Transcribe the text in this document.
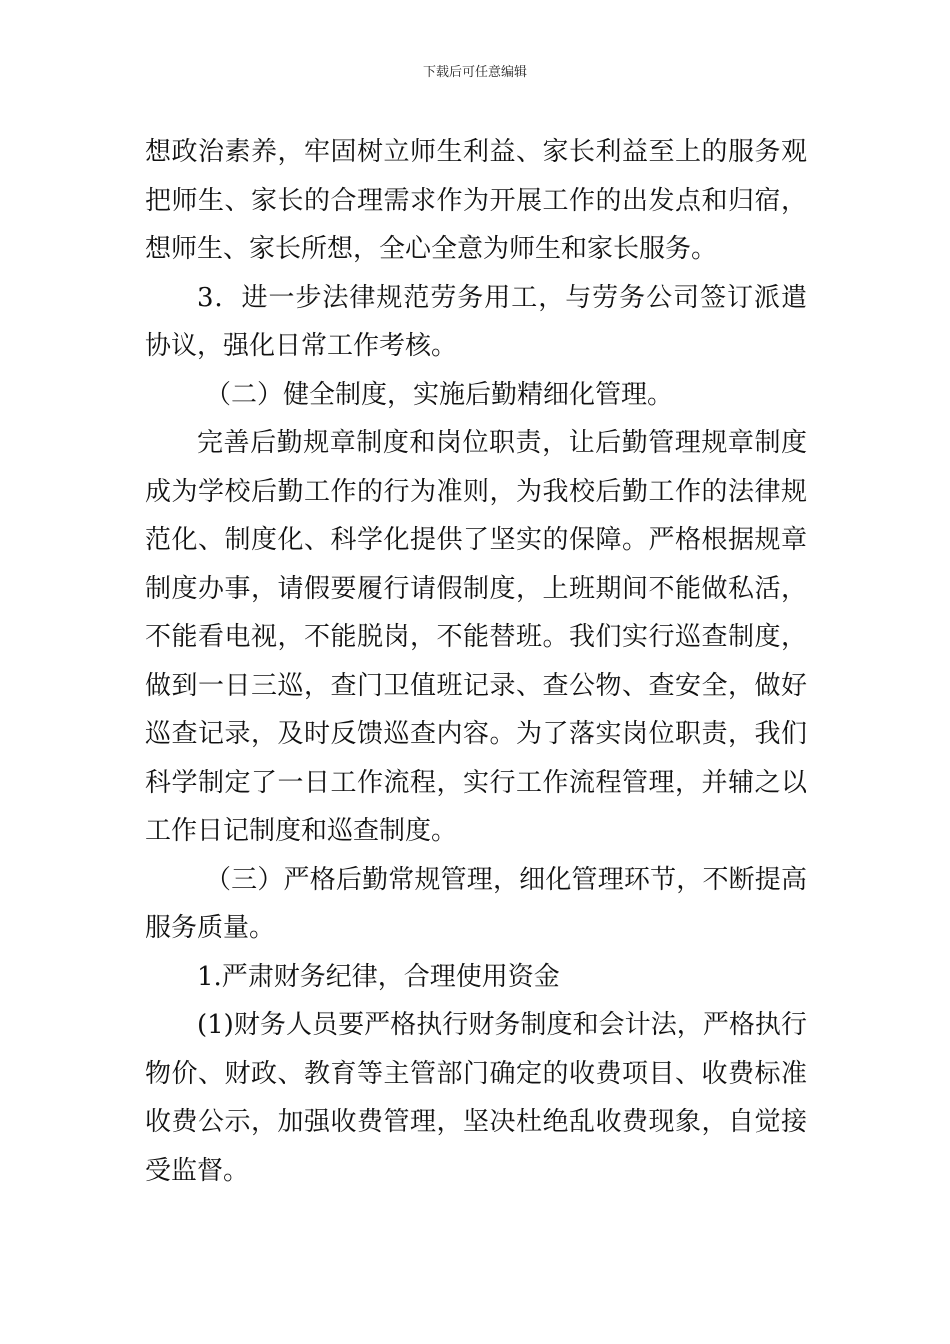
下载后可任意编辑

想政治素养，牢固树立师生利益、家长利益至上的服务观把师生、家长的合理需求作为开展工作的出发点和归宿，想师生、家长所想，全心全意为师生和家长服务。

3．进一步法律规范劳务用工，与劳务公司签订派遣协议，强化日常工作考核。

（二）健全制度，实施后勤精细化管理。

完善后勤规章制度和岗位职责，让后勤管理规章制度成为学校后勤工作的行为准则，为我校后勤工作的法律规范化、制度化、科学化提供了坚实的保障。严格根据规章制度办事，请假要履行请假制度，上班期间不能做私活，不能看电视，不能脱岗，不能替班。我们实行巡查制度，做到一日三巡，查门卫值班记录、查公物、查安全，做好巡查记录，及时反馈巡查内容。为了落实岗位职责，我们科学制定了一日工作流程，实行工作流程管理，并辅之以工作日记制度和巡查制度。

（三）严格后勤常规管理，细化管理环节，不断提高服务质量。

1.严肃财务纪律，合理使用资金

(1)财务人员要严格执行财务制度和会计法，严格执行物价、财政、教育等主管部门确定的收费项目、收费标准收费公示，加强收费管理，坚决杜绝乱收费现象，自觉接受监督。
